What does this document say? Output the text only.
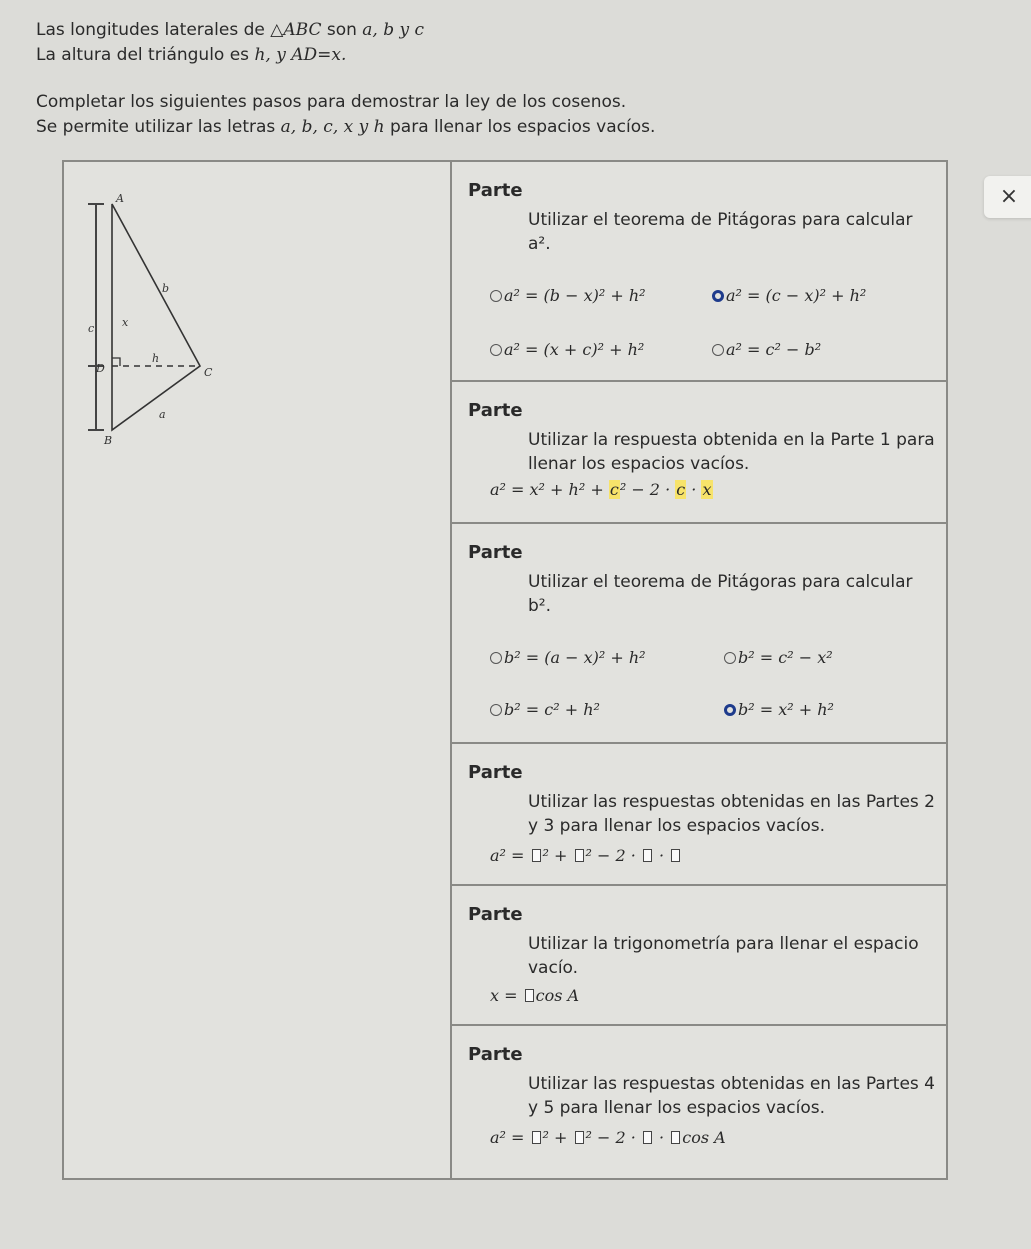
Las longitudes laterales de △ABC son a, b y c

La altura del triángulo es h, y AD=x.

Completar los siguientes pasos para demostrar la ley de los cosenos.

Se permite utilizar las letras a, b, c, x y h para llenar los espacios vacíos.

×
A
B
C
D
a
b
c	x
h
Parte
Utilizar el teorema de Pitágoras para calcular a².
a² = (b − x)² + h²	a² = (c − x)² + h²
a² = (x + c)² + h²	a² = c² − b²
Parte
Utilizar la respuesta obtenida en la Parte 1 para llenar los espacios vacíos.
a² = x² + h² + c² − 2 · c · x
Parte
Utilizar el teorema de Pitágoras para calcular b².
b² = (a − x)² + h²	b² = c² − x²
b² = c² + h²	b² = x² + h²
Parte
Utilizar las respuestas obtenidas en las Partes 2 y 3 para llenar los espacios vacíos.
a² = ² + ² − 2 ·  ·
Parte
Utilizar la trigonometría para llenar el espacio vacío.
x = cos A
Parte
Utilizar las respuestas obtenidas en las Partes 4 y 5 para llenar los espacios vacíos.
a² = ² + ² − 2 ·  · cos A
